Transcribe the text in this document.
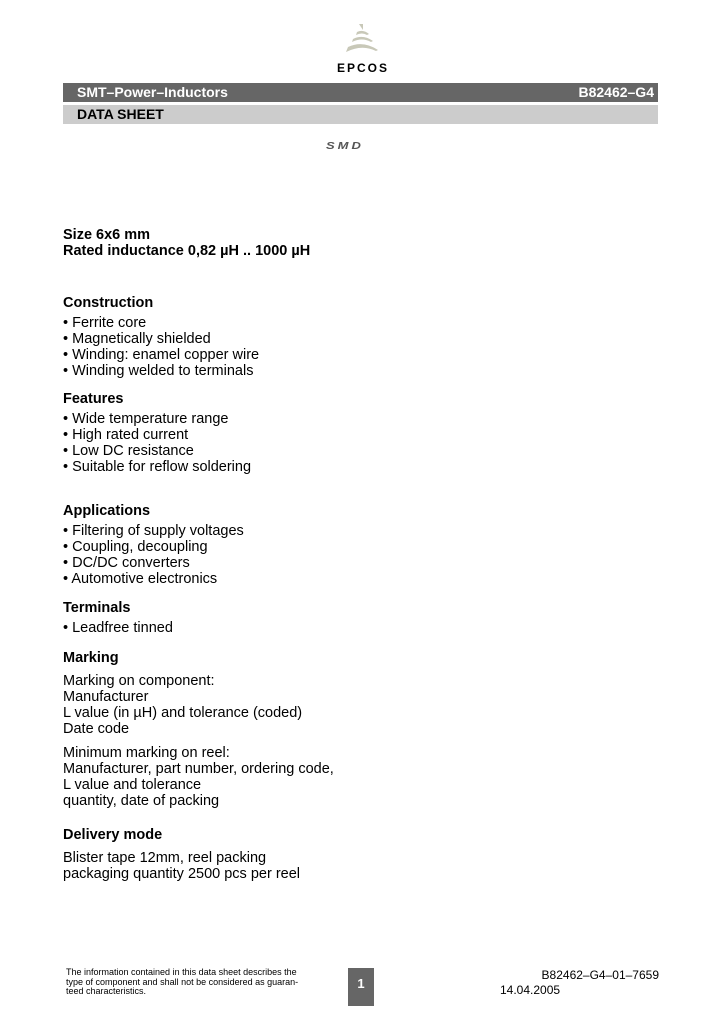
EPCOS
SMT–Power–Inductors	B82462–G4
DATA SHEET
SMD
Size 6x6 mm
Rated inductance 0,82 µH .. 1000 µH
Construction
• Ferrite core
• Magnetically shielded
• Winding: enamel copper wire
• Winding welded to terminals
Features
• Wide temperature range
• High rated current
• Low DC resistance
• Suitable for reflow soldering
Applications
• Filtering of supply voltages
• Coupling, decoupling
• DC/DC converters
• Automotive electronics
Terminals
• Leadfree tinned
Marking
Marking on component:
Manufacturer
L value (in µH) and tolerance (coded)
Date code
Minimum marking on reel:
Manufacturer, part number, ordering code,
L value and tolerance
quantity, date of packing
Delivery mode
Blister tape 12mm, reel packing
packaging quantity 2500 pcs per reel
The information contained in this data sheet describes the
type of component and shall not be considered as guaran-
teed characteristics.	1
B82462–G4–01–7659
14.04.2005
